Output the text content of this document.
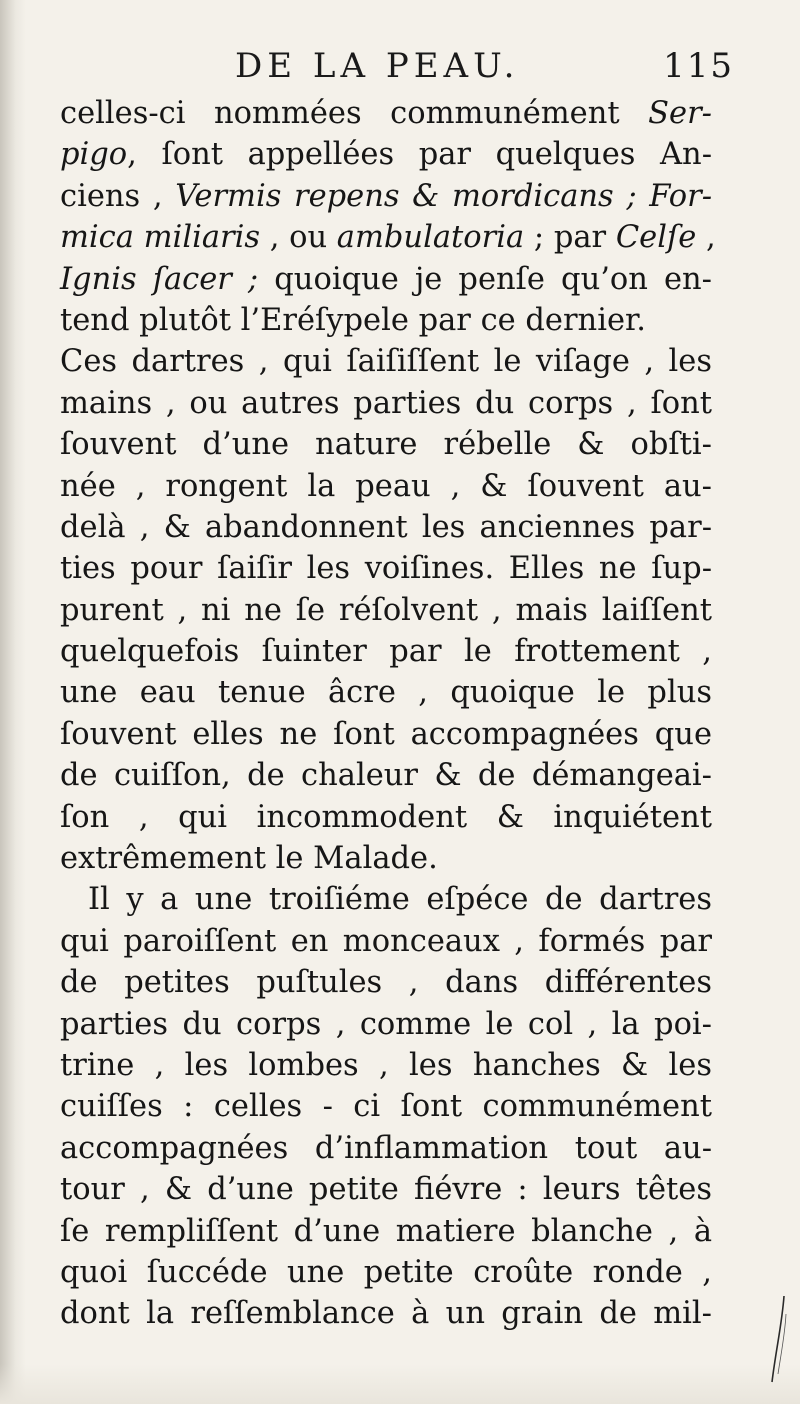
DE LA PEAU.	115
celles-ci nommées communément Ser-
pigo, ſont appellées par quelques An-
ciens , Vermis repens & mordicans ; For-
mica miliaris , ou ambulatoria ; par Celſe ,
Ignis ſacer ; quoique je penſe qu’on en-
tend plutôt l’Eréſypele par ce dernier.
Ces dartres , qui ſaiſiſſent le viſage , les
mains , ou autres parties du corps , ſont
ſouvent d’une nature rébelle & obſti-
née , rongent la peau , & ſouvent au-
delà , & abandonnent les anciennes par-
ties pour ſaiſir les voiſines. Elles ne ſup-
purent , ni ne ſe réſolvent , mais laiſſent
quelquefois ſuinter par le frottement ,
une eau tenue âcre , quoique le plus
ſouvent elles ne ſont accompagnées que
de cuiſſon, de chaleur & de démangeai-
ſon , qui incommodent & inquiétent
extrêmement le Malade.
Il y a une troiſiéme eſpéce de dartres
qui paroiſſent en monceaux , formés par
de petites puſtules , dans différentes
parties du corps , comme le col , la poi-
trine , les lombes , les hanches & les
cuiſſes : celles - ci ſont communément
accompagnées d’inflammation tout au-
tour , & d’une petite fiévre : leurs têtes
ſe rempliſſent d’une matiere blanche , à
quoi ſuccéde une petite croûte ronde ,
dont la reſſemblance à un grain de mil-
